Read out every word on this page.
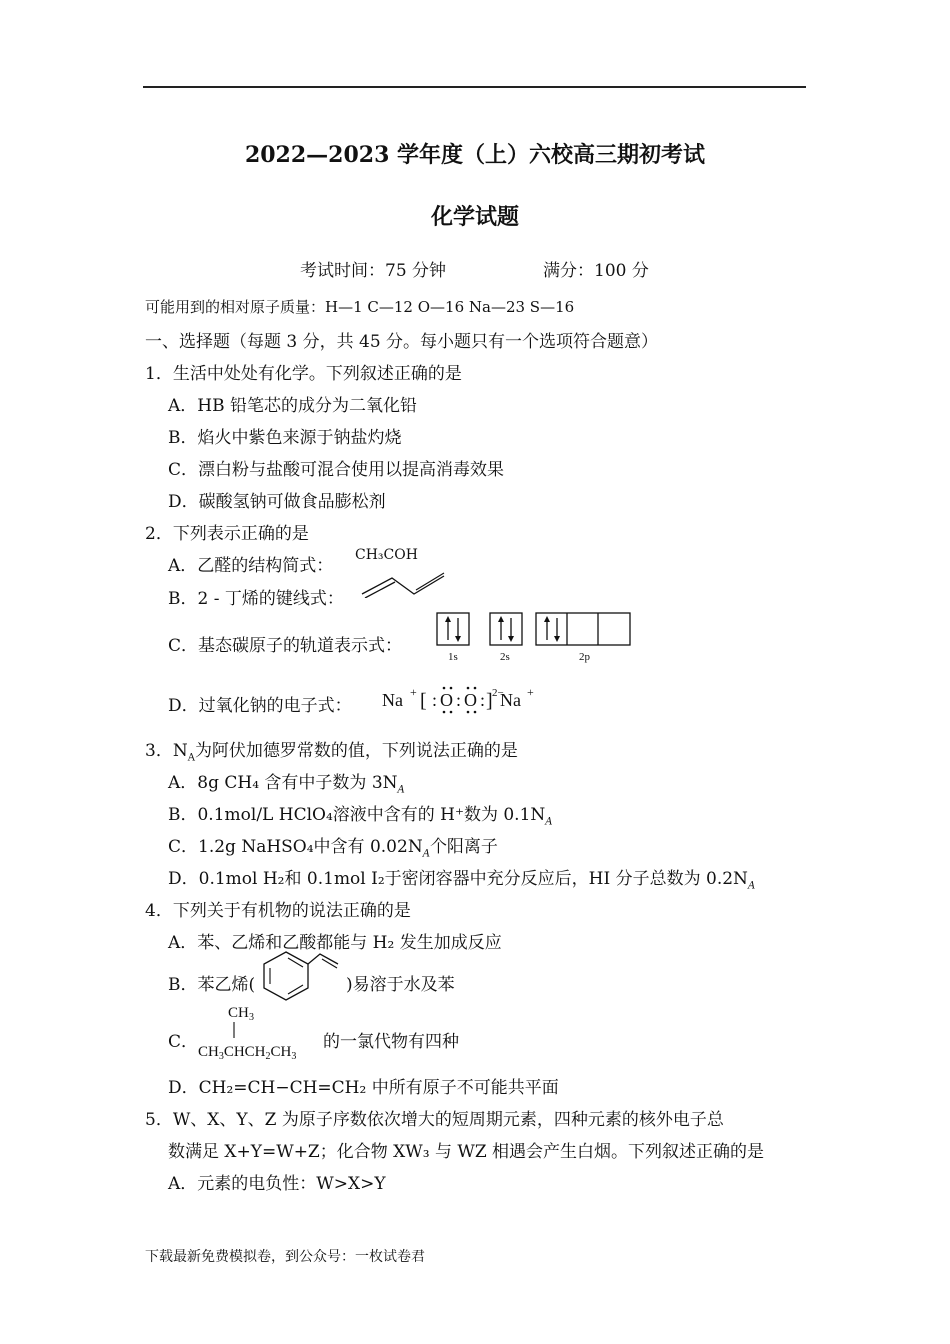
2022—2023 学年度（上）六校高三期初考试
化学试题
考试时间：75 分钟	满分：100 分
可能用到的相对原子质量：H—1 C—12 O—16 Na—23 S—16
一、选择题（每题 3 分，共 45 分。每小题只有一个选项符合题意）
1．生活中处处有化学。下列叙述正确的是
A．HB 铅笔芯的成分为二氧化铅
B．焰火中紫色来源于钠盐灼烧
C．漂白粉与盐酸可混合使用以提高消毒效果
D．碳酸氢钠可做食品膨松剂
2．下列表示正确的是
A．乙醛的结构简式：
CH₃COH
B．2 - 丁烯的键线式：
C．基态碳原子的轨道表示式：
1s	2s	2p
D．过氧化钠的电子式： Na + [ : O : O : ] 2−
Na +
3．$N_A$为阿伏加德罗常数的值，下列说法正确的是
A．8g CH₄ 含有中子数为 $3N_A$
B．0.1mol/L HClO₄溶液中含有的 H⁺数为 $0.1N_A$
C．1.2g NaHSO₄中含有 $0.02N_A$个阳离子
D．0.1mol H₂和 0.1mol I₂于密闭容器中充分反应后，HI 分子总数为 $0.2N_A$
4．下列关于有机物的说法正确的是
A．苯、乙烯和乙酸都能与 H₂ 发生加成反应
B．苯乙烯(	)易溶于水及苯
C．
CH 3
$CH_3CHCH_2CH_3$
的一氯代物有四种
D．CH₂=CH−CH=CH₂ 中所有原子不可能共平面
5．W、X、Y、Z 为原子序数依次增大的短周期元素，四种元素的核外电子总
数满足 X+Y=W+Z；化合物 XW₃ 与 WZ 相遇会产生白烟。下列叙述正确的是
A．元素的电负性：W>X>Y
下载最新免费模拟卷，到公众号：一枚试卷君
